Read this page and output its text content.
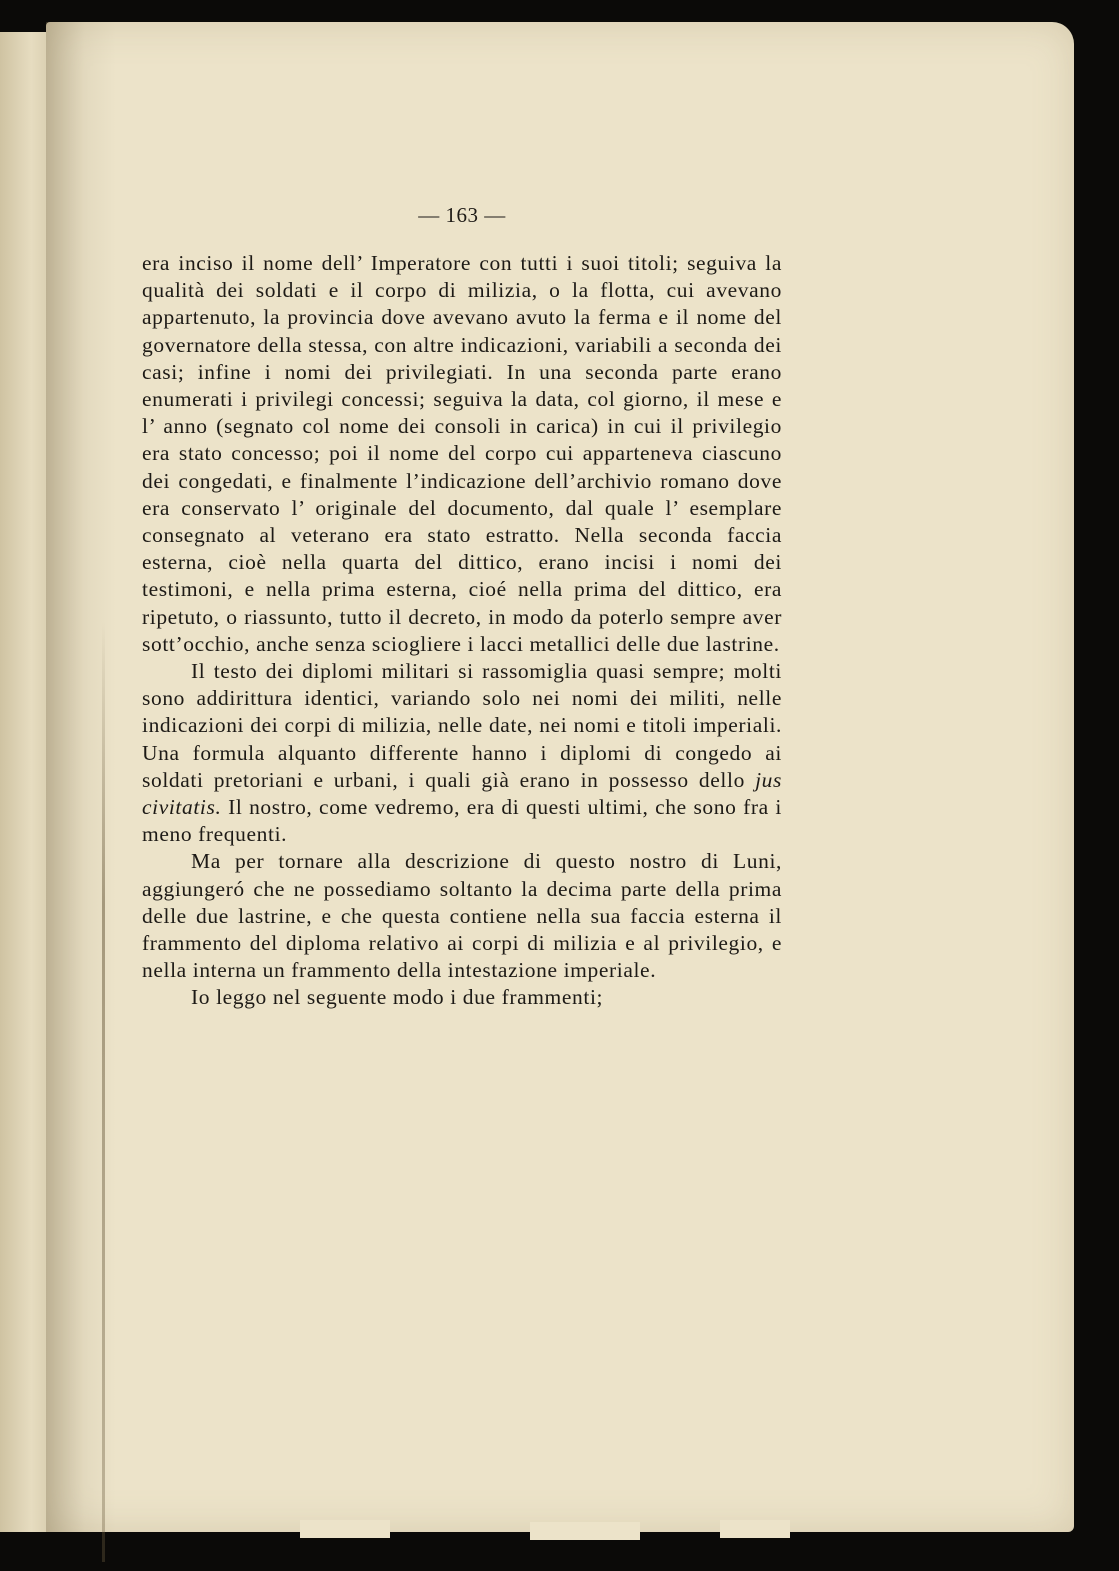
— 163 —

era inciso il nome dell’ Imperatore con tutti i suoi titoli; seguiva la qualità dei soldati e il corpo di milizia, o la flotta, cui avevano appartenuto, la provincia dove avevano avuto la ferma e il nome del governatore della stessa, con altre indicazioni, variabili a seconda dei casi; infine i nomi dei privilegiati. In una seconda parte erano enumerati i privilegi concessi; seguiva la data, col giorno, il mese e l’ anno (segnato col nome dei consoli in carica) in cui il privilegio era stato concesso; poi il nome del corpo cui apparteneva ciascuno dei congedati, e finalmente l’indicazione dell’archivio romano dove era conservato l’ originale del documento, dal quale l’ esemplare consegnato al veterano era stato estratto. Nella seconda faccia esterna, cioè nella quarta del dittico, erano incisi i nomi dei testimoni, e nella prima esterna, cioé nella prima del dittico, era ripetuto, o riassunto, tutto il decreto, in modo da poterlo sempre aver sott’occhio, anche senza sciogliere i lacci metallici delle due lastrine.

Il testo dei diplomi militari si rassomiglia quasi sempre; molti sono addirittura identici, variando solo nei nomi dei militi, nelle indicazioni dei corpi di milizia, nelle date, nei nomi e titoli imperiali. Una formula alquanto differente hanno i diplomi di congedo ai soldati pretoriani e urbani, i quali già erano in possesso dello jus civitatis. Il nostro, come vedremo, era di questi ultimi, che sono fra i meno frequenti.

Ma per tornare alla descrizione di questo nostro di Luni, aggiungeró che ne possediamo soltanto la decima parte della prima delle due lastrine, e che questa contiene nella sua faccia esterna il frammento del diploma relativo ai corpi di milizia e al privilegio, e nella interna un frammento della intestazione imperiale.

Io leggo nel seguente modo i due frammenti;
